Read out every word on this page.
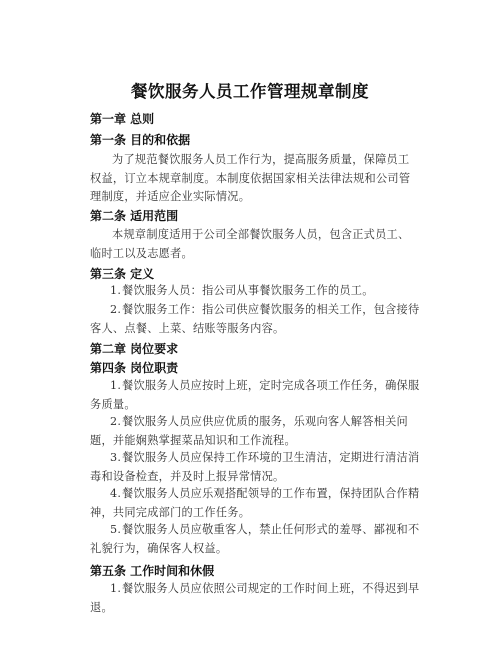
餐饮服务人员工作管理规章制度
第一章 总则
第一条 目的和依据
为了规范餐饮服务人员工作行为，提高服务质量，保障员工权益，订立本规章制度。本制度依据国家相关法律法规和公司管理制度，并适应企业实际情况。
第二条 适用范围
本规章制度适用于公司全部餐饮服务人员，包含正式员工、临时工以及志愿者。
第三条 定义
1.餐饮服务人员：指公司从事餐饮服务工作的员工。
2.餐饮服务工作：指公司供应餐饮服务的相关工作，包含接待客人、点餐、上菜、结账等服务内容。
第二章 岗位要求
第四条 岗位职责
1.餐饮服务人员应按时上班，定时完成各项工作任务，确保服务质量。
2.餐饮服务人员应供应优质的服务，乐观向客人解答相关问题，并能娴熟掌握菜品知识和工作流程。
3.餐饮服务人员应保持工作环境的卫生清洁，定期进行清洁消毒和设备检查，并及时上报异常情况。
4.餐饮服务人员应乐观搭配领导的工作布置，保持团队合作精神，共同完成部门的工作任务。
5.餐饮服务人员应敬重客人，禁止任何形式的羞辱、鄙视和不礼貌行为，确保客人权益。
第五条 工作时间和休假
1.餐饮服务人员应依照公司规定的工作时间上班，不得迟到早退。
